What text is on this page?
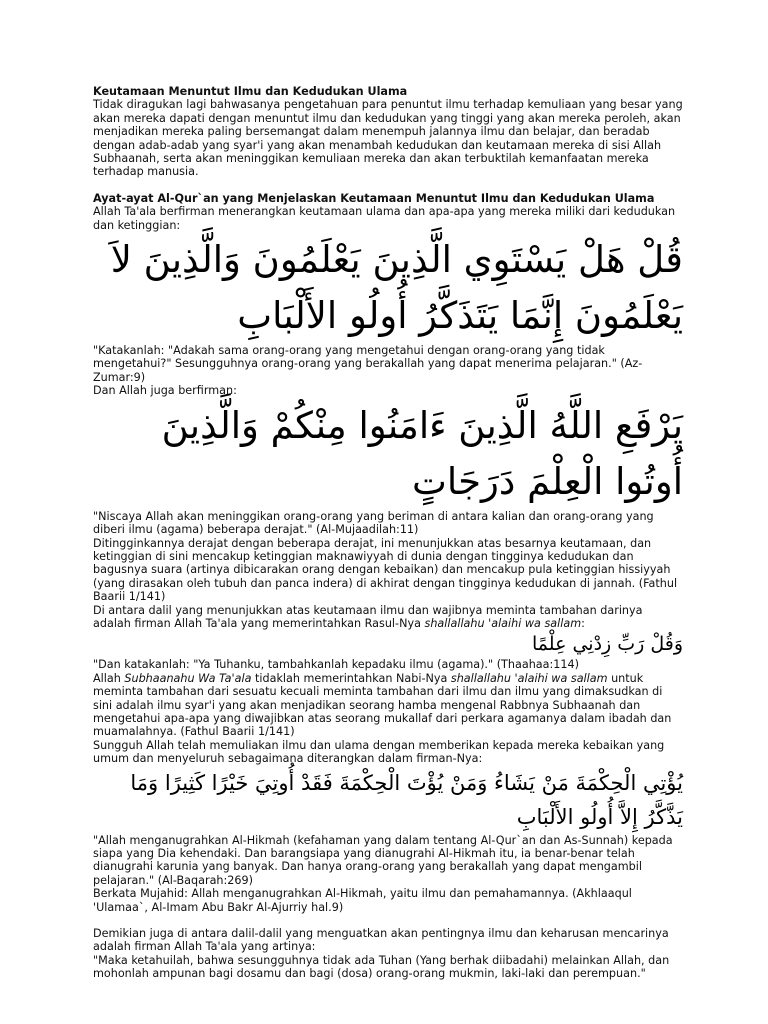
Keutamaan Menuntut Ilmu dan Kedudukan Ulama

Tidak diragukan lagi bahwasanya pengetahuan para penuntut ilmu terhadap kemuliaan yang besar yang akan mereka dapati dengan menuntut ilmu dan kedudukan yang tinggi yang akan mereka peroleh, akan menjadikan mereka paling bersemangat dalam menempuh jalannya ilmu dan belajar, dan beradab dengan adab-adab yang syar'i yang akan menambah kedudukan dan keutamaan mereka di sisi Allah Subhaanah, serta akan meninggikan kemuliaan mereka dan akan terbuktilah kemanfaatan mereka terhadap manusia.

Ayat-ayat Al-Qur`an yang Menjelaskan Keutamaan Menuntut Ilmu dan Kedudukan Ulama

Allah Ta'ala berfirman menerangkan keutamaan ulama dan apa-apa yang mereka miliki dari kedudukan dan ketinggian:

قُلْ هَلْ يَسْتَوِي الَّذِينَ يَعْلَمُونَ وَالَّذِينَ لاَ يَعْلَمُونَ إِنَّمَا يَتَذَكَّرُ أُولُو الأَلْبَابِ

"Katakanlah: "Adakah sama orang-orang yang mengetahui dengan orang-orang yang tidak mengetahui?" Sesungguhnya orang-orang yang berakallah yang dapat menerima pelajaran." (Az-Zumar:9)

Dan Allah juga berfirman:

يَرْفَعِ اللَّهُ الَّذِينَ ءَامَنُوا مِنْكُمْ وَالَّذِينَ أُوتُوا الْعِلْمَ دَرَجَاتٍ

"Niscaya Allah akan meninggikan orang-orang yang beriman di antara kalian dan orang-orang yang diberi ilmu (agama) beberapa derajat." (Al-Mujaadilah:11)

Ditingginkannya derajat dengan beberapa derajat, ini menunjukkan atas besarnya keutamaan, dan ketinggian di sini mencakup ketinggian maknawiyyah di dunia dengan tingginya kedudukan dan bagusnya suara (artinya dibicarakan orang dengan kebaikan) dan mencakup pula ketinggian hissiyyah (yang dirasakan oleh tubuh dan panca indera) di akhirat dengan tingginya kedudukan di jannah. (Fathul Baarii 1/141)

Di antara dalil yang menunjukkan atas keutamaan ilmu dan wajibnya meminta tambahan darinya adalah firman Allah Ta'ala yang memerintahkan Rasul-Nya shallallahu 'alaihi wa sallam:

وَقُلْ رَبِّ زِدْنِي عِلْمًا

"Dan katakanlah: "Ya Tuhanku, tambahkanlah kepadaku ilmu (agama)." (Thaahaa:114)

Allah Subhaanahu Wa Ta'ala tidaklah memerintahkan Nabi-Nya shallallahu 'alaihi wa sallam untuk meminta tambahan dari sesuatu kecuali meminta tambahan dari ilmu dan ilmu yang dimaksudkan di sini adalah ilmu syar'i yang akan menjadikan seorang hamba mengenal Rabbnya Subhaanah dan mengetahui apa-apa yang diwajibkan atas seorang mukallaf dari perkara agamanya dalam ibadah dan muamalahnya. (Fathul Baarii 1/141)

Sungguh Allah telah memuliakan ilmu dan ulama dengan memberikan kepada mereka kebaikan yang umum dan menyeluruh sebagaimana diterangkan dalam firman-Nya:

يُؤْتِي الْحِكْمَةَ مَنْ يَشَاءُ وَمَنْ يُؤْتَ الْحِكْمَةَ فَقَدْ أُوتِيَ خَيْرًا كَثِيرًا وَمَا يَذَّكَّرُ إِلاَّ أُولُو الأَلْبَابِ

"Allah menganugrahkan Al-Hikmah (kefahaman yang dalam tentang Al-Qur`an dan As-Sunnah) kepada siapa yang Dia kehendaki. Dan barangsiapa yang dianugrahi Al-Hikmah itu, ia benar-benar telah dianugrahi karunia yang banyak. Dan hanya orang-orang yang berakallah yang dapat mengambil pelajaran." (Al-Baqarah:269)

Berkata Mujahid: Allah menganugrahkan Al-Hikmah, yaitu ilmu dan pemahamannya. (Akhlaaqul 'Ulamaa`, Al-Imam Abu Bakr Al-Ajurriy hal.9)

Demikian juga di antara dalil-dalil yang menguatkan akan pentingnya ilmu dan keharusan mencarinya adalah firman Allah Ta'ala yang artinya:

"Maka ketahuilah, bahwa sesungguhnya tidak ada Tuhan (Yang berhak diibadahi) melainkan Allah, dan mohonlah ampunan bagi dosamu dan bagi (dosa) orang-orang mukmin, laki-laki dan perempuan."
